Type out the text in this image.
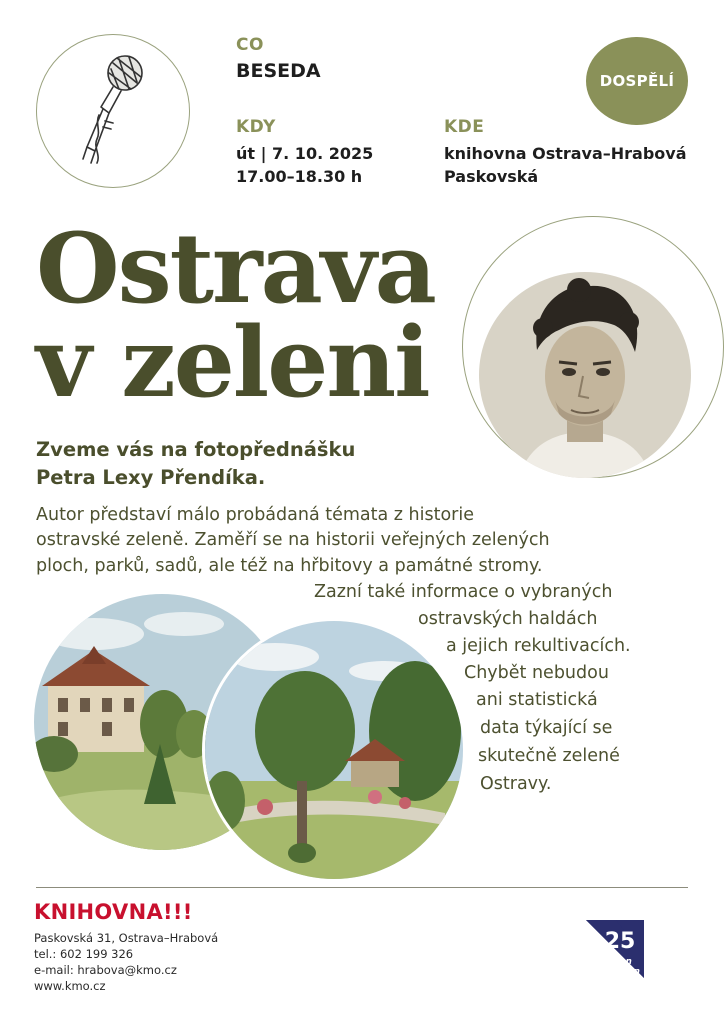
CO
BESEDA
KDY
út | 7. 10. 2025
17.00–18.30 h
KDE
knihovna Ostrava–Hrabová
Paskovská
DOSPĚLÍ
Ostrava
v zeleni
Zveme vás na fotopřednášku
Petra Lexy Přendíka.
Autor představí málo probádaná témata z historie
ostravské zeleně. Zaměří se na historii veřejných zelených
ploch, parků, sadů, ale též na hřbitovy a památné stromy.
Zazní také informace o vybraných
ostravských haldách
a jejich rekultivacích.
Chybět nebudou
ani statistická
data týkající se
skutečně zelené
Ostravy.
KNIHOVNA!!!
Paskovská 31, Ostrava–Hrabová
tel.: 602 199 326
e-mail: hrabova@kmo.cz
www.kmo.cz
25
týden
knihoven
